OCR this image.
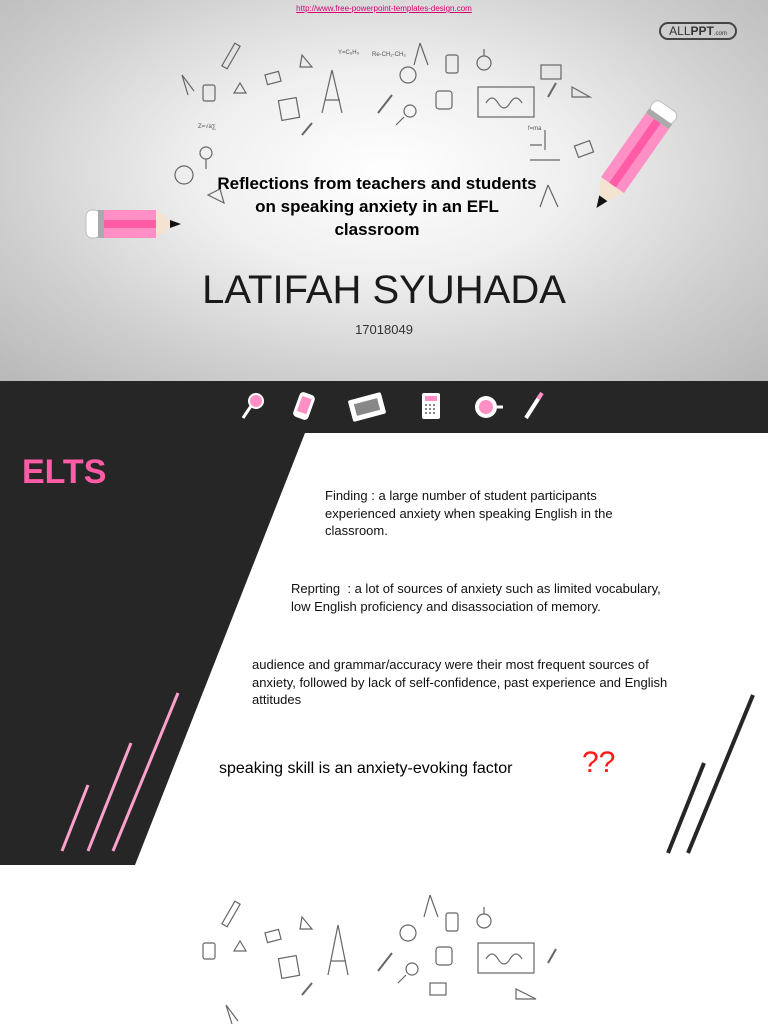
http://www.free-powerpoint-templates-design.com
ALLPPT.com
Y=C₆H₅ Re-CH₂-CH₃
Z=√a∑	f=ma
Reflections from teachers and students
on speaking anxiety in an EFL
classroom
LATIFAH SYUHADA
17018049
ELTS
Finding : a large number of student participants
experienced anxiety when speaking English in the
classroom.
Reprting  : a lot of sources of anxiety such as limited vocabulary,
low English proficiency and disassociation of memory.
audience and grammar/accuracy were their most frequent sources of
anxiety, followed by lack of self-confidence, past experience and English
attitudes
speaking skill is an anxiety-evoking factor ??
